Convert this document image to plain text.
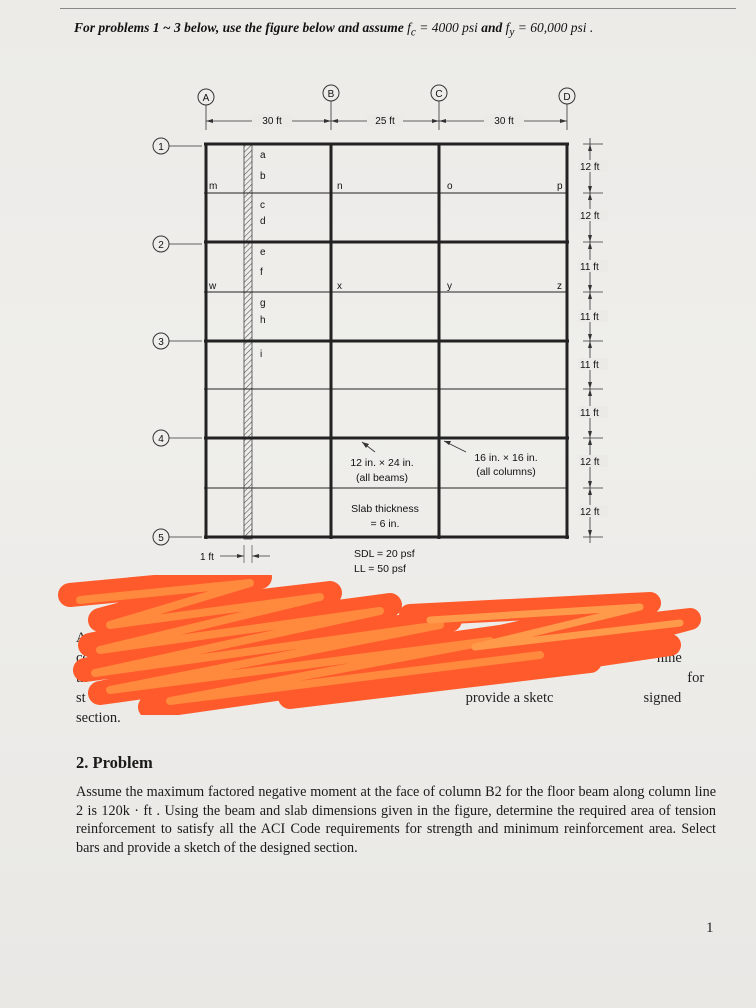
For problems 1 ~ 3 below, use the figure below and assume $f_c = 4000$ psi and $f_y = 60,000$ psi .
A	B	C	D
30 ft	25 ft	30 ft
1
2
3
4
5
a
b
c
d
e
f
g
h
i
m	n	o	p
w	x	y	z
12 ft
12 ft
11 ft
11 ft
11 ft
11 ft
12 ft
12 ft
12 in. × 24 in.
(all beams)
16 in. × 16 in.
(all columns)
Slab thickness
= 6 in.
SDL = 20 psf
LL = 50 psf
1 ft
m
A	moment n	or be n betw n
co	given	nine
th	for
st	provide a sketc	signed
section.
2. Problem

Assume the maximum factored negative moment at the face of column B2 for the floor beam along column line 2 is 120k · ft . Using the beam and slab dimensions given in the figure, determine the required area of tension reinforcement to satisfy all the ACI Code requirements for strength and minimum reinforcement area. Select bars and provide a sketch of the designed section.

1
